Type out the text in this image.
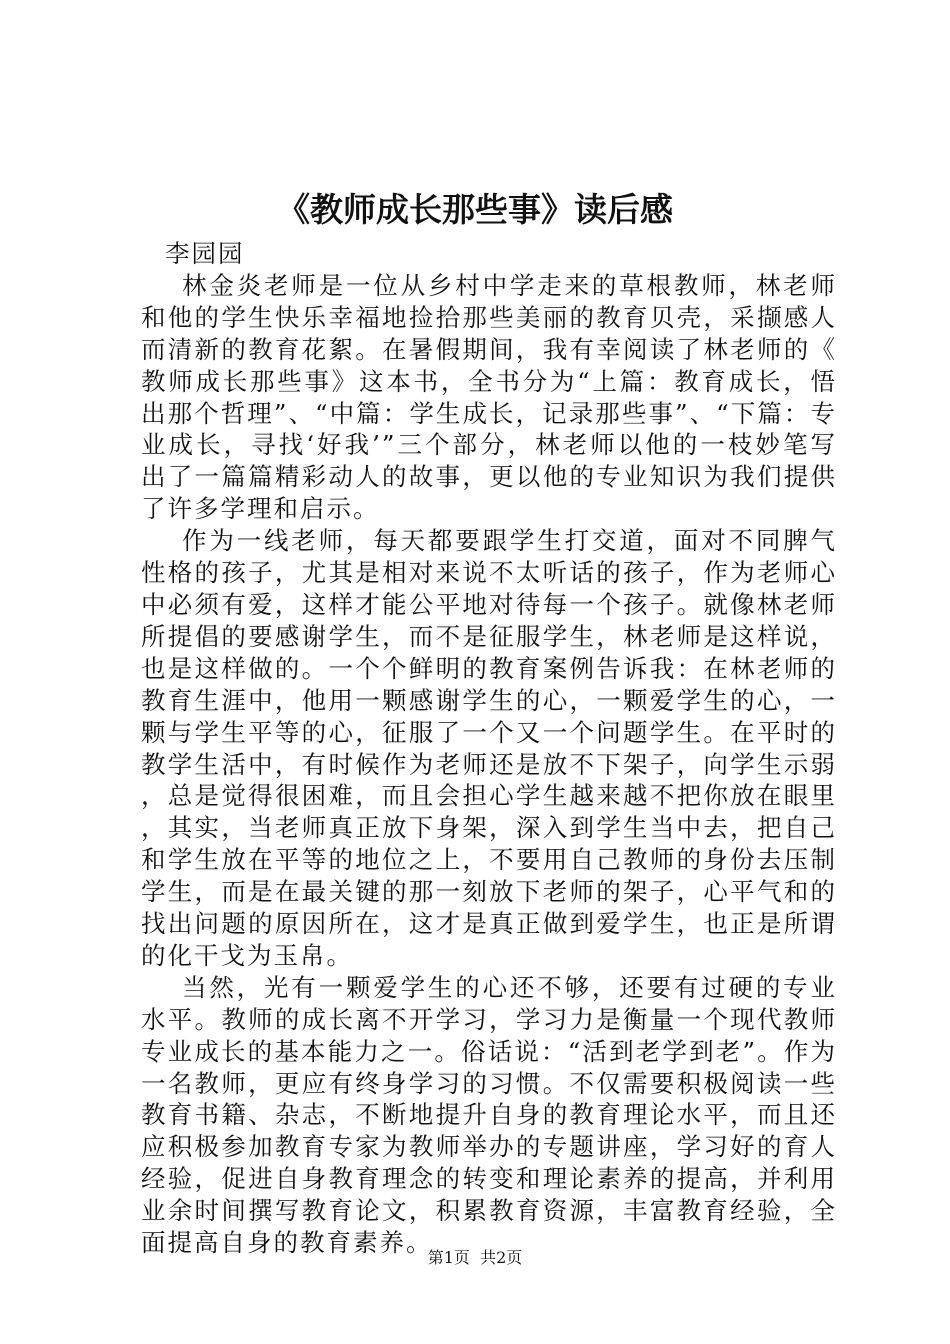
《教师成长那些事》读后感

李园园

林金炎老师是一位从乡村中学走来的草根教师，林老师和他的学生快乐幸福地捡拾那些美丽的教育贝壳，采撷感人而清新的教育花絮。在暑假期间，我有幸阅读了林老师的《教师成长那些事》这本书，全书分为“上篇：教育成长，悟出那个哲理”、“中篇：学生成长，记录那些事”、“下篇：专业成长，寻找‘好我’”三个部分，林老师以他的一枝妙笔写出了一篇篇精彩动人的故事，更以他的专业知识为我们提供了许多学理和启示。

作为一线老师，每天都要跟学生打交道，面对不同脾气性格的孩子，尤其是相对来说不太听话的孩子，作为老师心中必须有爱，这样才能公平地对待每一个孩子。就像林老师所提倡的要感谢学生，而不是征服学生，林老师是这样说，也是这样做的。一个个鲜明的教育案例告诉我：在林老师的教育生涯中，他用一颗感谢学生的心，一颗爱学生的心，一颗与学生平等的心，征服了一个又一个问题学生。在平时的教学生活中，有时候作为老师还是放不下架子，向学生示弱，总是觉得很困难，而且会担心学生越来越不把你放在眼里，其实，当老师真正放下身架，深入到学生当中去，把自己和学生放在平等的地位之上，不要用自己教师的身份去压制学生，而是在最关键的那一刻放下老师的架子，心平气和的找出问题的原因所在，这才是真正做到爱学生，也正是所谓的化干戈为玉帛。

当然，光有一颗爱学生的心还不够，还要有过硬的专业水平。教师的成长离不开学习，学习力是衡量一个现代教师专业成长的基本能力之一。俗话说：“活到老学到老”。作为一名教师，更应有终身学习的习惯。不仅需要积极阅读一些教育书籍、杂志，不断地提升自身的教育理论水平，而且还应积极参加教育专家为教师举办的专题讲座，学习好的育人经验，促进自身教育理念的转变和理论素养的提高，并利用业余时间撰写教育论文，积累教育资源，丰富教育经验，全面提高自身的教育素养。

第1页  共2页
